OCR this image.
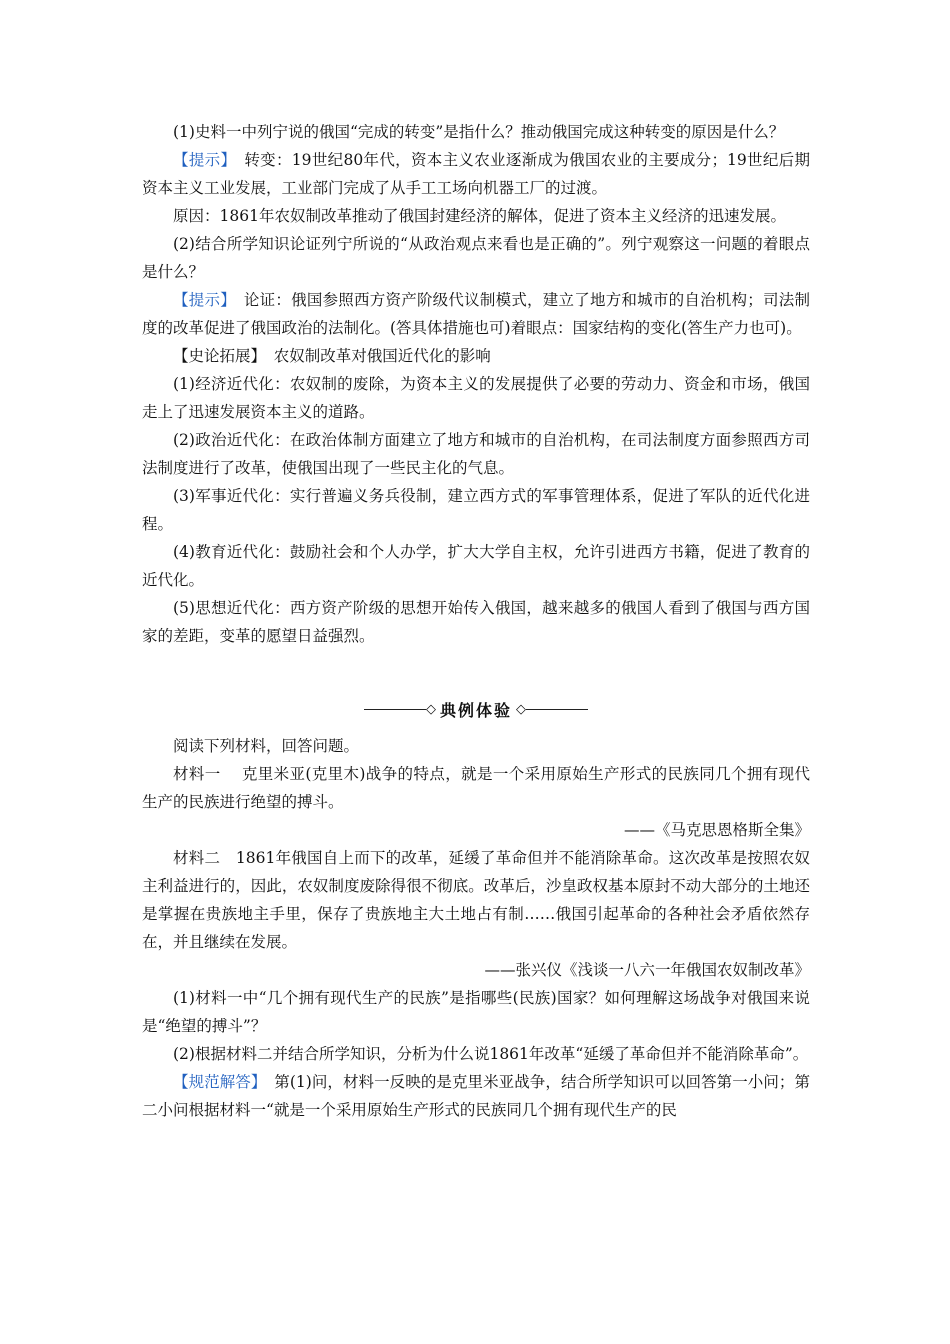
(1)史料一中列宁说的俄国“完成的转变”是指什么？推动俄国完成这种转变的原因是什么？

【提示】　 转变：19世纪80年代，资本主义农业逐渐成为俄国农业的主要成分；19世纪后期资本主义工业发展，工业部门完成了从手工工场向机器工厂的过渡。

原因：1861年农奴制改革推动了俄国封建经济的解体，促进了资本主义经济的迅速发展。

(2)结合所学知识论证列宁所说的“从政治观点来看也是正确的”。列宁观察这一问题的着眼点是什么？

【提示】　 论证：俄国参照西方资产阶级代议制模式，建立了地方和城市的自治机构；司法制度的改革促进了俄国政治的法制化。(答具体措施也可)着眼点：国家结构的变化(答生产力也可)。

【史论拓展】　农奴制改革对俄国近代化的影响

(1)经济近代化：农奴制的废除，为资本主义的发展提供了必要的劳动力、资金和市场，俄国走上了迅速发展资本主义的道路。

(2)政治近代化：在政治体制方面建立了地方和城市的自治机构，在司法制度方面参照西方司法制度进行了改革，使俄国出现了一些民主化的气息。

(3)军事近代化：实行普遍义务兵役制，建立西方式的军事管理体系，促进了军队的近代化进程。

(4)教育近代化：鼓励社会和个人办学，扩大大学自主权，允许引进西方书籍，促进了教育的近代化。

(5)思想近代化：西方资产阶级的思想开始传入俄国，越来越多的俄国人看到了俄国与西方国家的差距，变革的愿望日益强烈。

◇ 典例体验 ◇

阅读下列材料，回答问题。

材料一　 克里米亚(克里木)战争的特点，就是一个采用原始生产形式的民族同几个拥有现代生产的民族进行绝望的搏斗。

——《马克思恩格斯全集》

材料二　1861年俄国自上而下的改革，延缓了革命但并不能消除革命。这次改革是按照农奴主利益进行的，因此，农奴制度废除得很不彻底。改革后，沙皇政权基本原封不动大部分的土地还是掌握在贵族地主手里，保存了贵族地主大土地占有制……俄国引起革命的各种社会矛盾依然存在，并且继续在发展。

——张兴仪《浅谈一八六一年俄国农奴制改革》

(1)材料一中“几个拥有现代生产的民族”是指哪些(民族)国家？如何理解这场战争对俄国来说是“绝望的搏斗”？

(2)根据材料二并结合所学知识，分析为什么说1861年改革“延缓了革命但并不能消除革命”。

【规范解答】　 第(1)问，材料一反映的是克里米亚战争，结合所学知识可以回答第一小问；第二小问根据材料一“就是一个采用原始生产形式的民族同几个拥有现代生产的民
